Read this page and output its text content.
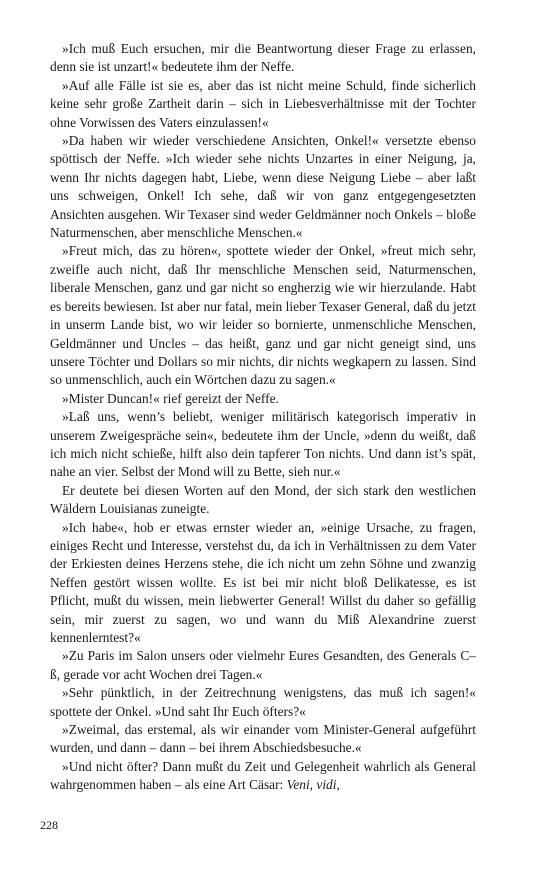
»Ich muß Euch ersuchen, mir die Beantwortung dieser Frage zu erlassen, denn sie ist unzart!« bedeutete ihm der Neffe.

»Auf alle Fälle ist sie es, aber das ist nicht meine Schuld, finde sicherlich keine sehr große Zartheit darin – sich in Liebesverhältnisse mit der Tochter ohne Vorwissen des Vaters einzulassen!«

»Da haben wir wieder verschiedene Ansichten, Onkel!« versetzte ebenso spöttisch der Neffe. »Ich wieder sehe nichts Unzartes in einer Neigung, ja, wenn Ihr nichts dagegen habt, Liebe, wenn diese Neigung Liebe – aber laßt uns schweigen, Onkel! Ich sehe, daß wir von ganz entgegengesetzten Ansichten ausgehen. Wir Texaser sind weder Geldmänner noch Onkels – bloße Naturmenschen, aber menschliche Menschen.«

»Freut mich, das zu hören«, spottete wieder der Onkel, »freut mich sehr, zweifle auch nicht, daß Ihr menschliche Menschen seid, Naturmenschen, liberale Menschen, ganz und gar nicht so engherzig wie wir hierzulande. Habt es bereits bewiesen. Ist aber nur fatal, mein lieber Texaser General, daß du jetzt in unserm Lande bist, wo wir leider so bornierte, unmenschliche Menschen, Geldmänner und Uncles – das heißt, ganz und gar nicht geneigt sind, uns unsere Töchter und Dollars so mir nichts, dir nichts wegkapern zu lassen. Sind so unmenschlich, auch ein Wörtchen dazu zu sagen.«

»Mister Duncan!« rief gereizt der Neffe.

»Laß uns, wenn’s beliebt, weniger militärisch kategorisch imperativ in unserem Zweigespräche sein«, bedeutete ihm der Uncle, »denn du weißt, daß ich mich nicht schieße, hilft also dein tapferer Ton nichts. Und dann ist’s spät, nahe an vier. Selbst der Mond will zu Bette, sieh nur.«

Er deutete bei diesen Worten auf den Mond, der sich stark den westlichen Wäldern Louisianas zuneigte.

»Ich habe«, hob er etwas ernster wieder an, »einige Ursache, zu fragen, einiges Recht und Interesse, verstehst du, da ich in Verhältnissen zu dem Vater der Erkiesten deines Herzens stehe, die ich nicht um zehn Söhne und zwanzig Neffen gestört wissen wollte. Es ist bei mir nicht bloß Delikatesse, es ist Pflicht, mußt du wissen, mein liebwerter General! Willst du daher so gefällig sein, mir zuerst zu sagen, wo und wann du Miß Alexandrine zuerst kennenlerntest?«

»Zu Paris im Salon unsers oder vielmehr Eures Gesandten, des Generals C–ß, gerade vor acht Wochen drei Tagen.«

»Sehr pünktlich, in der Zeitrechnung wenigstens, das muß ich sagen!« spottete der Onkel. »Und saht Ihr Euch öfters?«

»Zweimal, das erstemal, als wir einander vom Minister-General aufgeführt wurden, und dann – dann – bei ihrem Abschiedsbesuche.«

»Und nicht öfter? Dann mußt du Zeit und Gelegenheit wahrlich als General wahrgenommen haben – als eine Art Cäsar: Veni, vidi,

228
